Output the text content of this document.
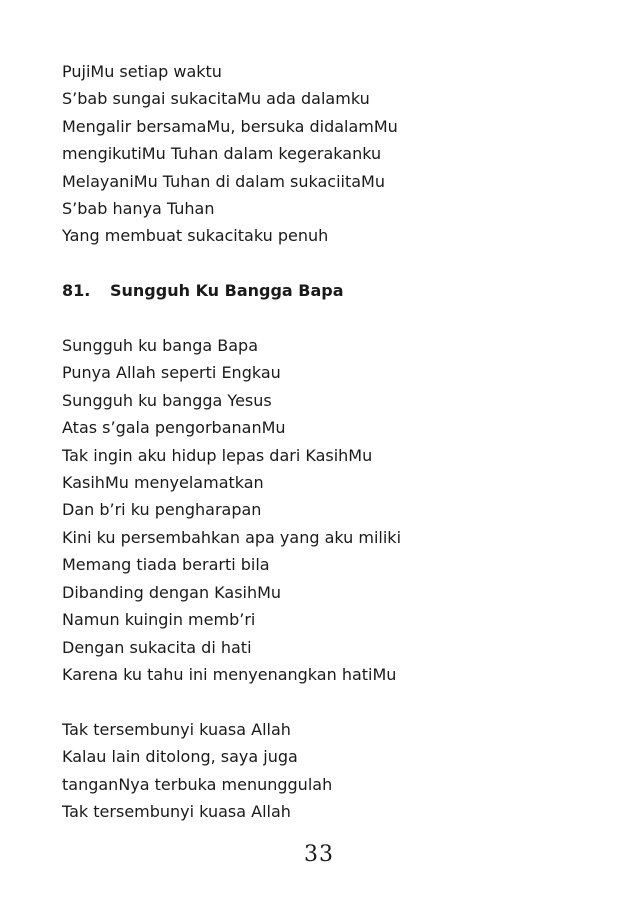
PujiMu setiap waktu

S’bab sungai sukacitaMu ada dalamku

Mengalir bersamaMu, bersuka didalamMu

mengikutiMu Tuhan dalam kegerakanku

MelayaniMu Tuhan di dalam sukaciitaMu

S’bab hanya Tuhan

Yang membuat sukacitaku penuh

81. Sungguh Ku Bangga Bapa

Sungguh ku banga Bapa

Punya Allah seperti Engkau

Sungguh ku bangga Yesus

Atas s’gala pengorbananMu

Tak ingin aku hidup lepas dari KasihMu

KasihMu menyelamatkan

Dan b’ri ku pengharapan

Kini ku persembahkan apa yang aku miliki

Memang tiada berarti bila

Dibanding dengan KasihMu

Namun kuingin memb’ri

Dengan sukacita di hati

Karena ku tahu ini menyenangkan hatiMu

Tak tersembunyi kuasa Allah

Kalau lain ditolong, saya juga

tanganNya terbuka menunggulah

Tak tersembunyi kuasa Allah

33
